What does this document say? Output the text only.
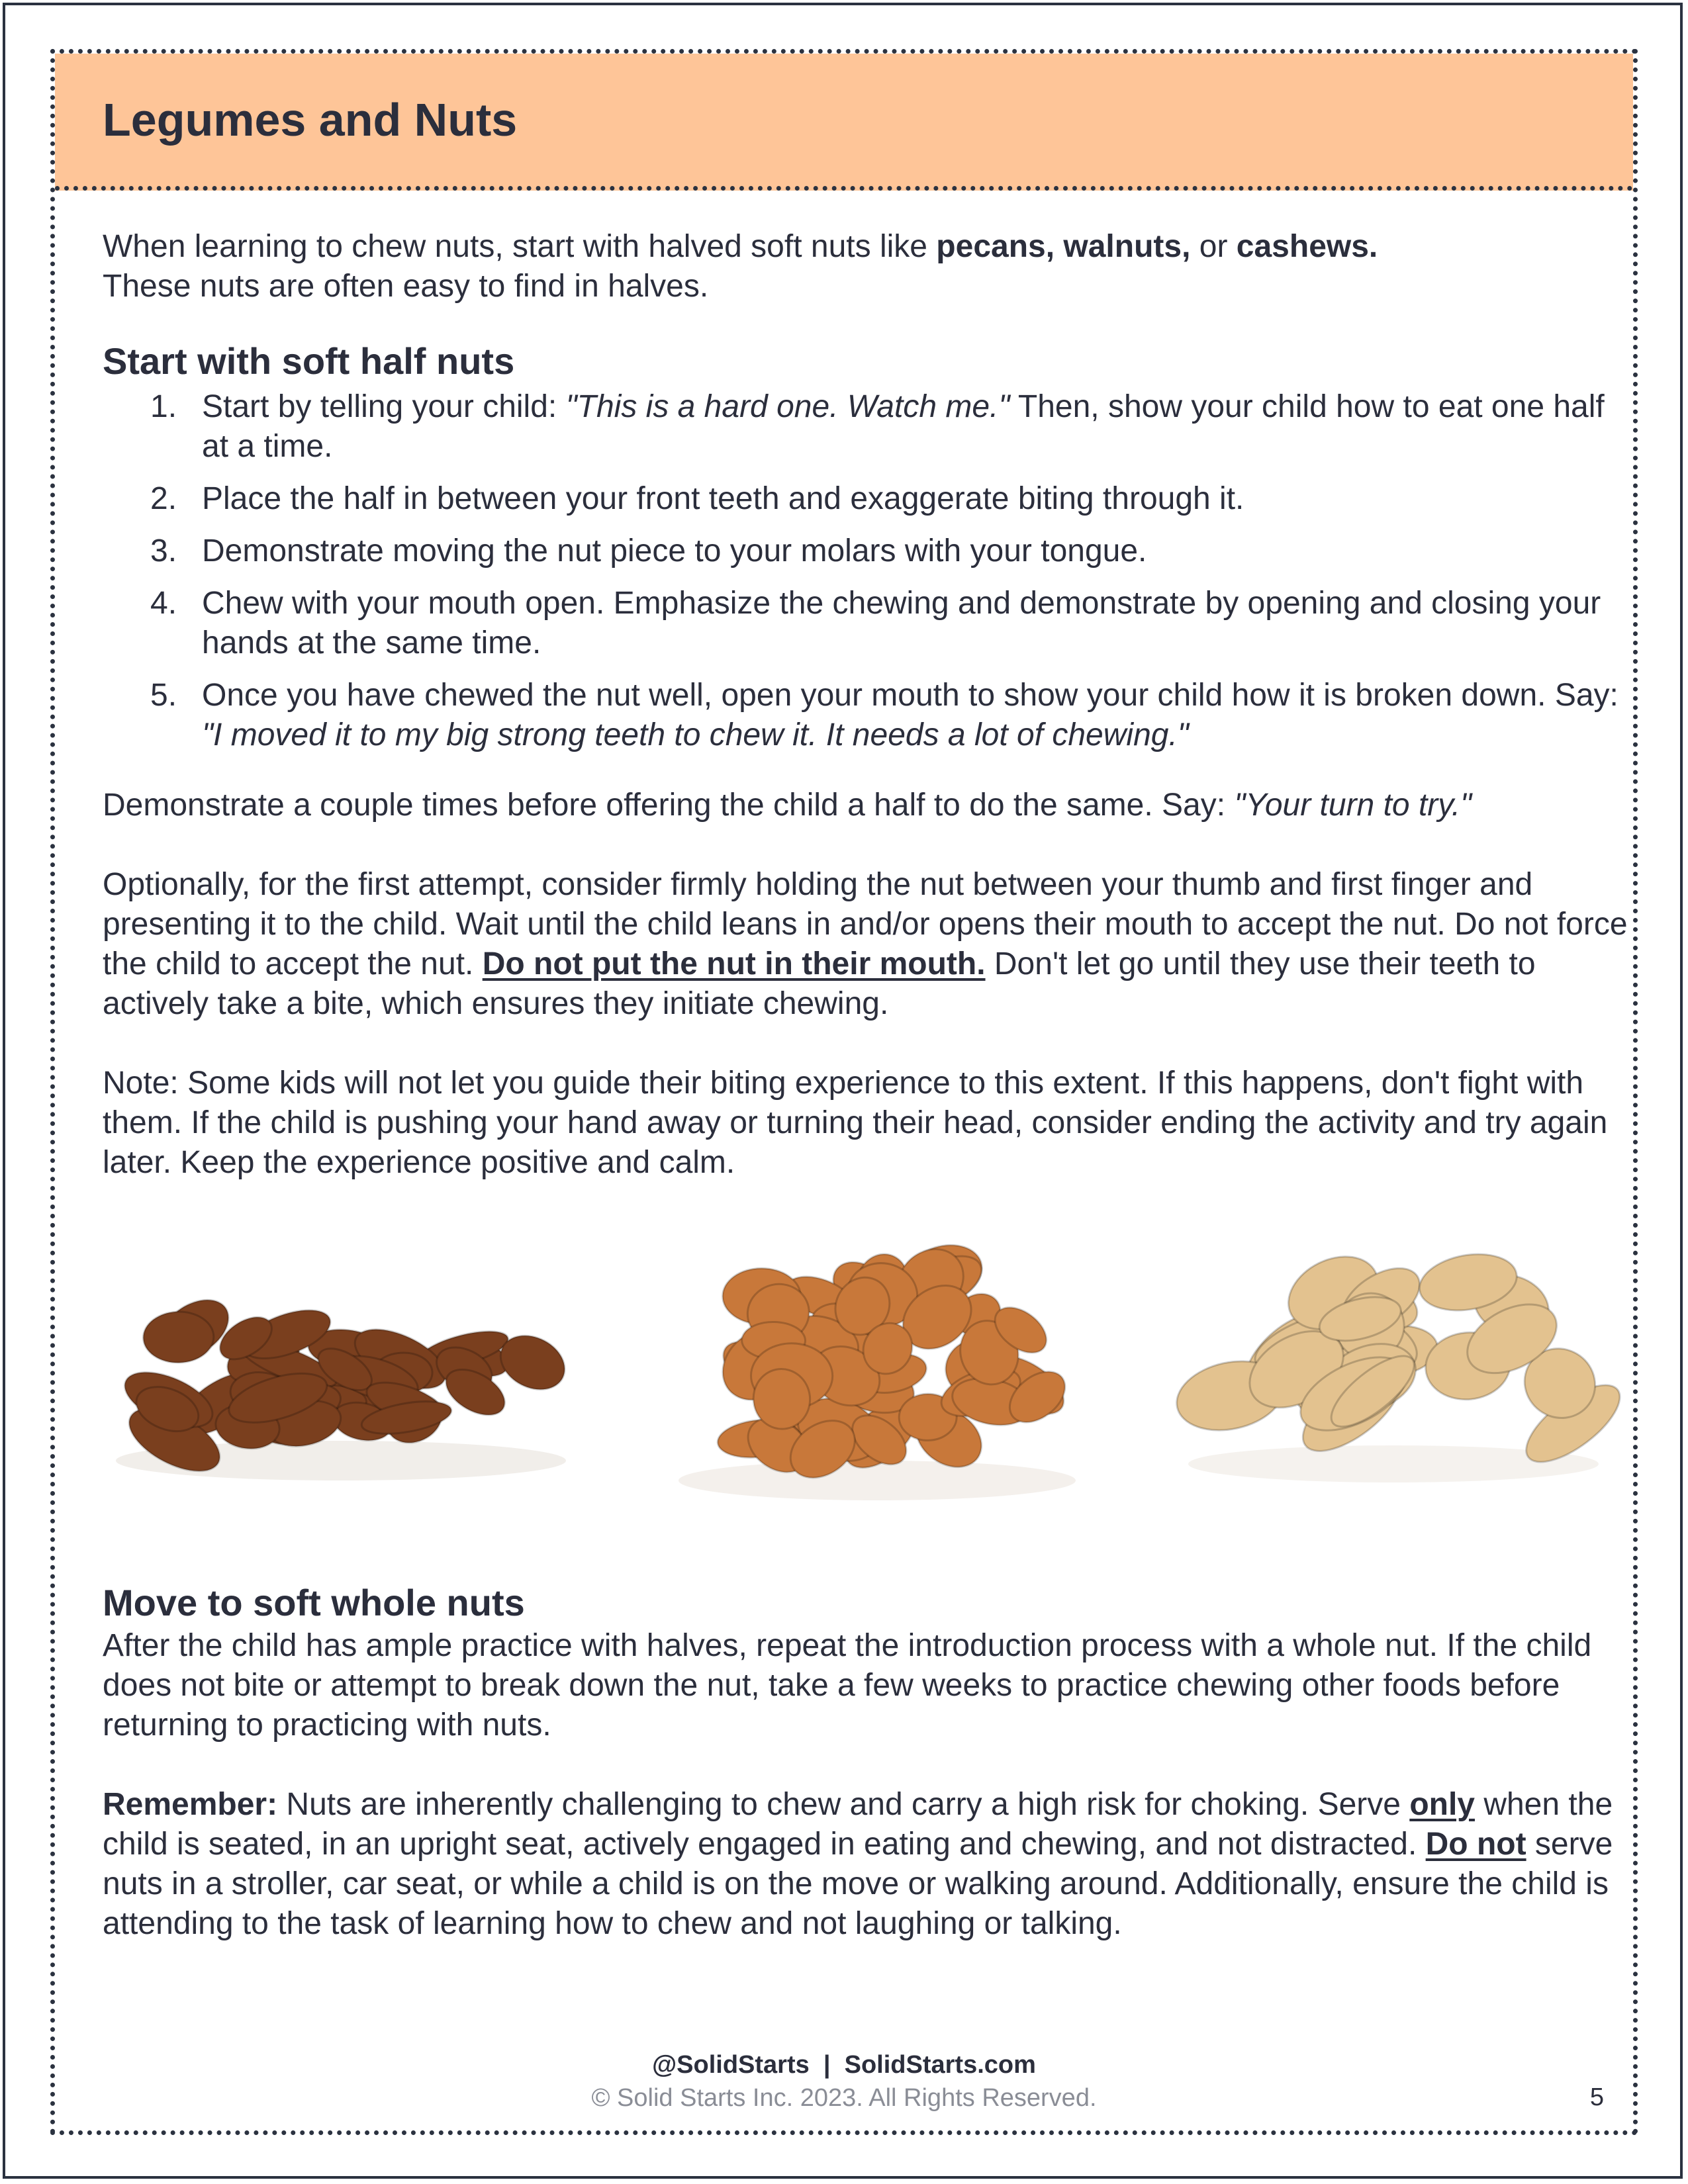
Legumes and Nuts

When learning to chew nuts, start with halved soft nuts like pecans, walnuts, or cashews.
These nuts are often easy to find in halves.

Start with soft half nuts
1. Start by telling your child: "This is a hard one. Watch me." Then, show your child how to eat one half at a time.
2. Place the half in between your front teeth and exaggerate biting through it.
3. Demonstrate moving the nut piece to your molars with your tongue.
4. Chew with your mouth open. Emphasize the chewing and demonstrate by opening and closing your hands at the same time.
5. Once you have chewed the nut well, open your mouth to show your child how it is broken down. Say: "I moved it to my big strong teeth to chew it. It needs a lot of chewing."

Demonstrate a couple times before offering the child a half to do the same. Say: "Your turn to try."

Optionally, for the first attempt, consider firmly holding the nut between your thumb and first finger and presenting it to the child. Wait until the child leans in and/or opens their mouth to accept the nut. Do not force the child to accept the nut. Do not put the nut in their mouth. Don't let go until they use their teeth to actively take a bite, which ensures they initiate chewing.

Note: Some kids will not let you guide their biting experience to this extent. If this happens, don't fight with them. If the child is pushing your hand away or turning their head, consider ending the activity and try again later. Keep the experience positive and calm.

Move to soft whole nuts

After the child has ample practice with halves, repeat the introduction process with a whole nut. If the child does not bite or attempt to break down the nut, take a few weeks to practice chewing other foods before returning to practicing with nuts.

Remember: Nuts are inherently challenging to chew and carry a high risk for choking. Serve only when the child is seated, in an upright seat, actively engaged in eating and chewing, and not distracted. Do not serve nuts in a stroller, car seat, or while a child is on the move or walking around. Additionally, ensure the child is attending to the task of learning how to chew and not laughing or talking.

@SolidStarts  |  SolidStarts.com
© Solid Starts Inc. 2023. All Rights Reserved.	5
